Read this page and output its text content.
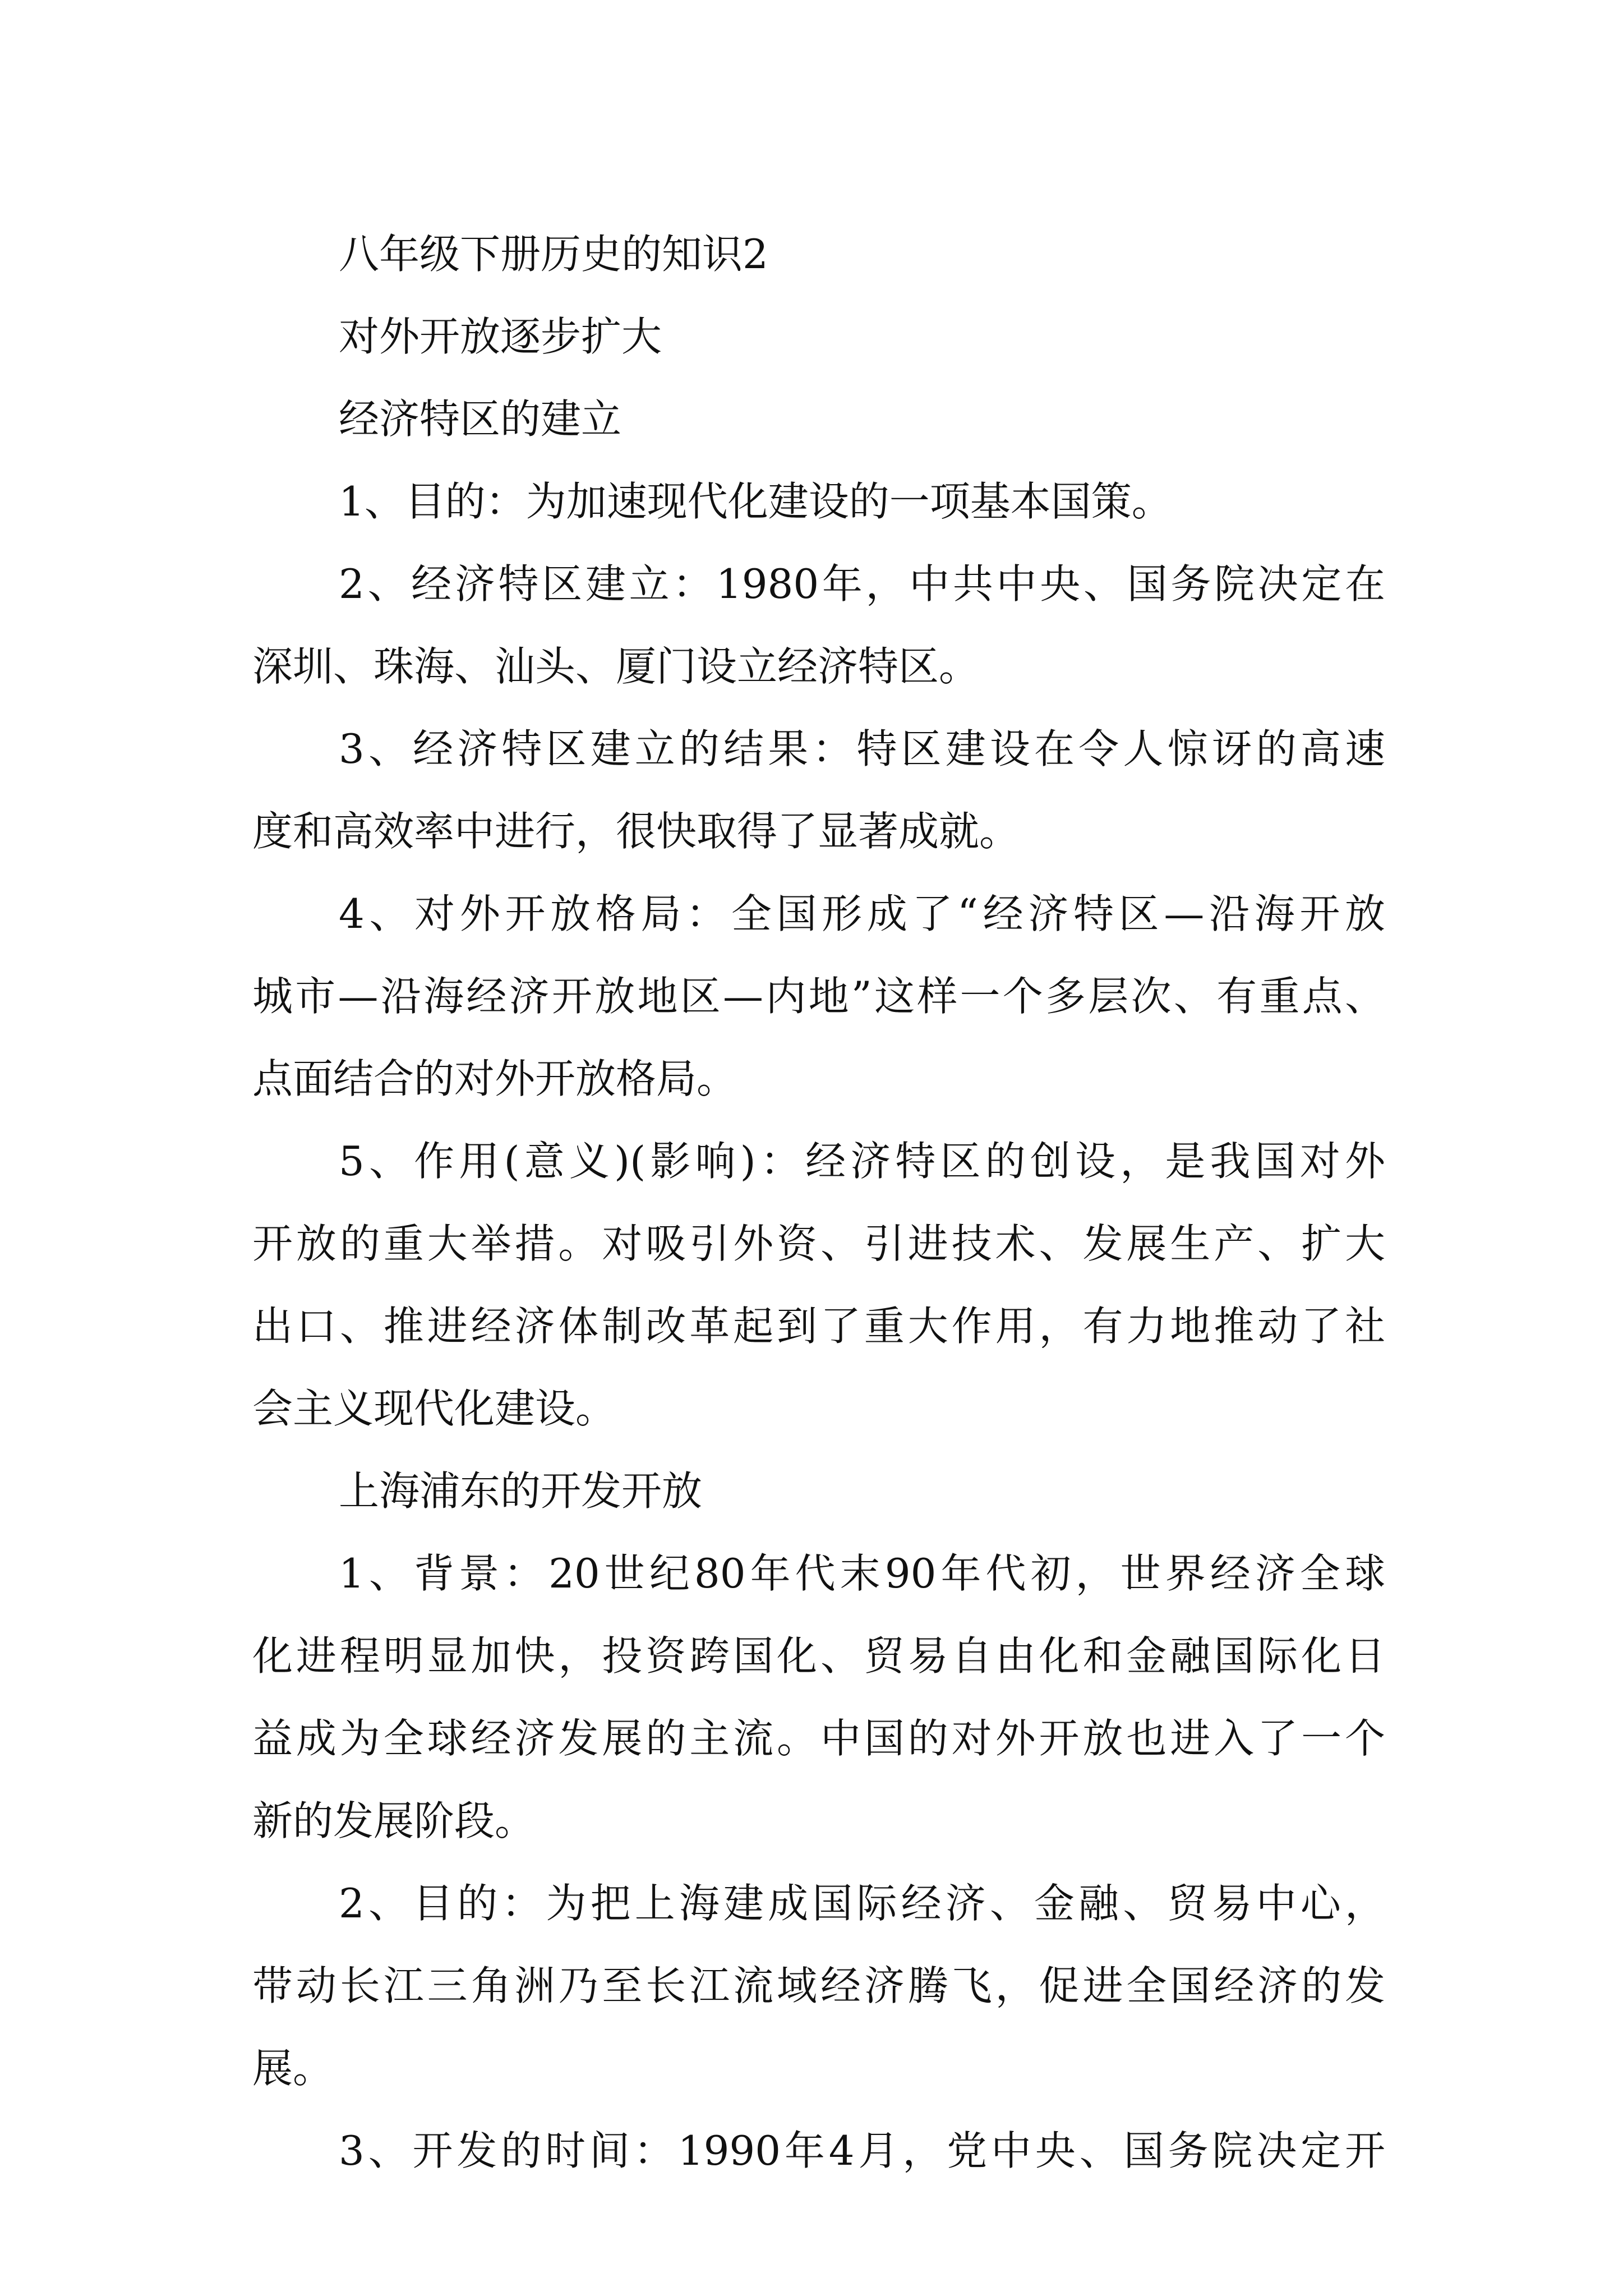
八年级下册历史的知识2
对外开放逐步扩大
经济特区的建立
1、目的：为加速现代化建设的一项基本国策。
2、经济特区建立：1980年，中共中央、国务院决定在
深圳、珠海、汕头、厦门设立经济特区。
3、经济特区建立的结果：特区建设在令人惊讶的高速
度和高效率中进行，很快取得了显著成就。
4、对外开放格局：全国形成了“经济特区—沿海开放
城市—沿海经济开放地区—内地”这样一个多层次、有重点、
点面结合的对外开放格局。
5、作用(意义)(影响)：经济特区的创设，是我国对外
开放的重大举措。对吸引外资、引进技术、发展生产、扩大
出口、推进经济体制改革起到了重大作用，有力地推动了社
会主义现代化建设。
上海浦东的开发开放
1、背景：20世纪80年代末90年代初，世界经济全球
化进程明显加快，投资跨国化、贸易自由化和金融国际化日
益成为全球经济发展的主流。中国的对外开放也进入了一个
新的发展阶段。
2、目的：为把上海建成国际经济、金融、贸易中心，
带动长江三角洲乃至长江流域经济腾飞，促进全国经济的发
展。
3、开发的时间：1990年4月，党中央、国务院决定开
